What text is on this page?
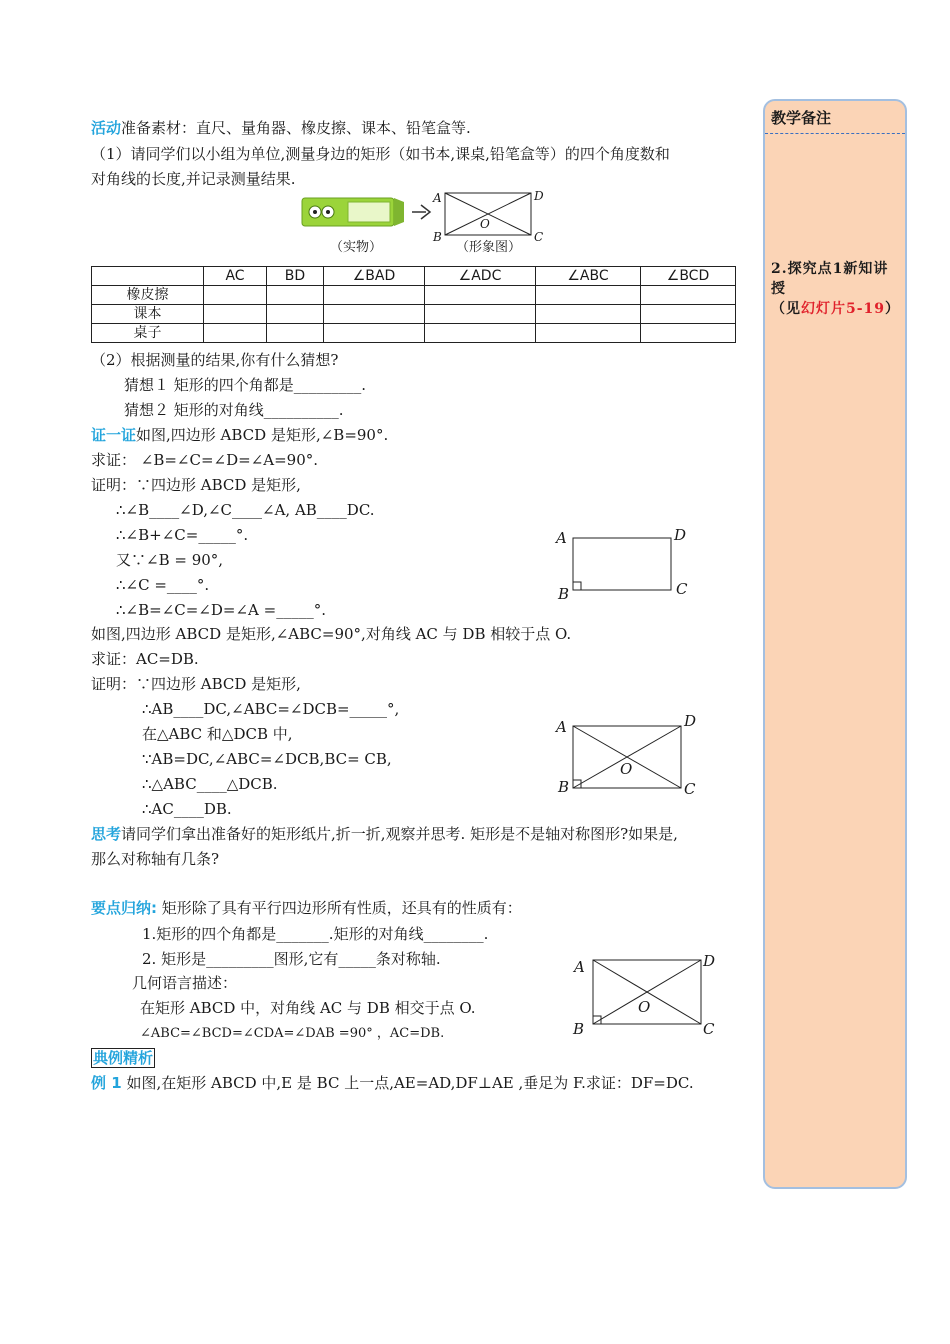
教学备注
2.探究点1新知讲授
（见幻灯片5-19）
活动准备素材：直尺、量角器、橡皮擦、课本、铅笔盒等.
（1）请同学们以小组为单位,测量身边的矩形（如书本,课桌,铅笔盒等）的四个角度数和
对角线的长度,并记录测量结果.
A
B	C
D
O
（实物）	（形象图）
	AC	BD	∠BAD	∠ADC	∠ABC	∠BCD
橡皮擦						
课本						
桌子						
（2）根据测量的结果,你有什么猜想?
猜想１ 矩形的四个角都是_________.
猜想２ 矩形的对角线__________.
证一证如图,四边形 ABCD 是矩形,∠B=90°.
求证： ∠B=∠C=∠D=∠A=90°.
证明：∵四边形 ABCD 是矩形,
∴∠B____∠D,∠C____∠A, AB____DC.
∴∠B+∠C=_____°.
又∵∠B = 90°,
∴∠C =____°.
∴∠B=∠C=∠D=∠A =_____°.
A
B	C
D
如图,四边形 ABCD 是矩形,∠ABC=90°,对角线 AC 与 DB 相较于点 O.
求证：AC=DB.
证明：∵四边形 ABCD 是矩形,
∴AB____DC,∠ABC=∠DCB=_____°,
在△ABC 和△DCB 中,
∵AB=DC,∠ABC=∠DCB,BC= CB,
∴△ABC____△DCB.
∴AC____DB.
A
B	C
D
O
思考请同学们拿出准备好的矩形纸片,折一折,观察并思考. 矩形是不是轴对称图形?如果是,
那么对称轴有几条?
要点归纳: 矩形除了具有平行四边形所有性质，还具有的性质有：
1.矩形的四个角都是_______.矩形的对角线________.
2. 矩形是_________图形,它有_____条对称轴.
几何语言描述：
在矩形 ABCD 中，对角线 AC 与 DB 相交于点 O.
∠ABC=∠BCD=∠CDA=∠DAB =90° ，AC=DB.
A
B	C
D
O
典例精析
例 1 如图,在矩形 ABCD 中,E 是 BC 上一点,AE=AD,DF⊥AE ,垂足为 F.求证：DF=DC.
